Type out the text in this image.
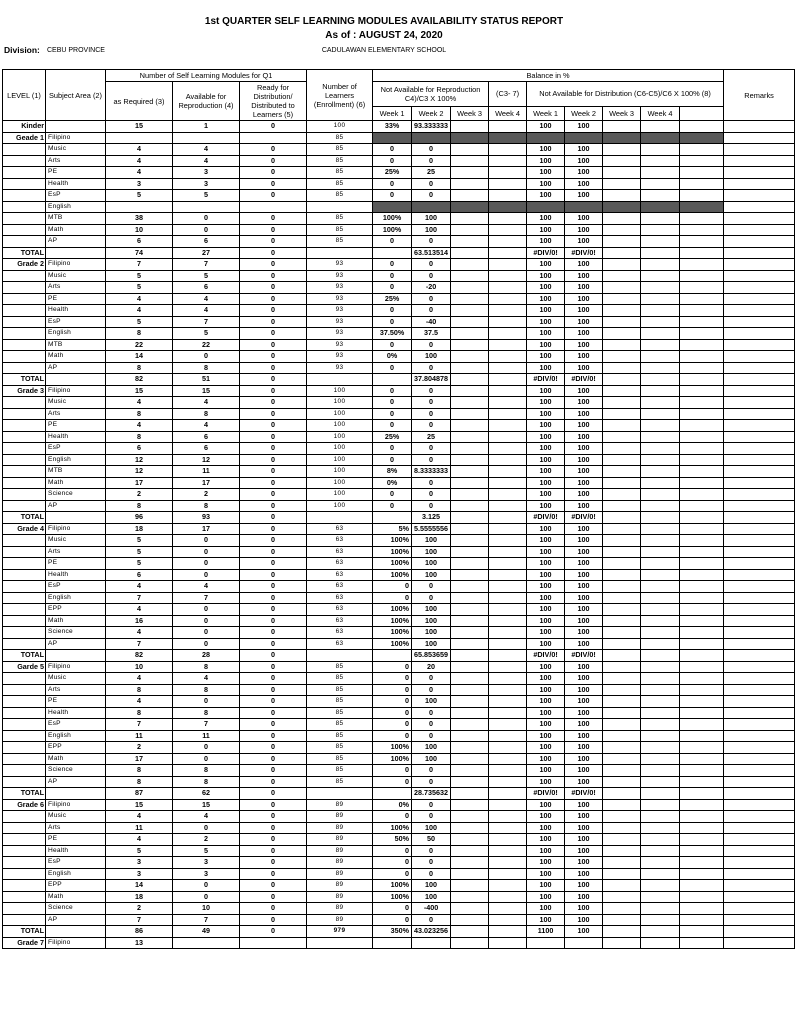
1st QUARTER SELF LEARNING MODULES AVAILABILITY STATUS REPORT
As of : AUGUST 24, 2020
Division: CEBU PROVINCE	CADULAWAN ELEMENTARY SCHOOL
LEVEL (1)	Subject Area (2)	Number of Self Learning Modules for Q1			Number of Learners (Enrollment) (6)	Balance in %									Remarks
		as Required (3)	Available for Reproduction (4)	Ready for Distribution/ Distributed to Learners (5)		Not Available for Reproduction C4)/C3 X 100%			(C3- 7)	Not Available for Distribution (C6-C5)/C6 X 100% (8)					
						Week 1	Week 2	Week 3	Week 4	Week 1	Week 2	Week 3	Week 4		
Kinder		15	1	0	100	33%	93.333333			100	100				
Geade 1	Filipino				85										
	Music	4	4	0	85	0	0			100	100				
	Arts	4	4	0	85	0	0			100	100				
	PE	4	3	0	85	25%	25			100	100				
	Health	3	3	0	85	0	0			100	100				
	EsP	5	5	0	85	0	0			100	100				
	English														
	MTB	38	0	0	85	100%	100			100	100				
	Math	10	0	0	85	100%	100			100	100				
	AP	6	6	0	85	0	0			100	100				
TOTAL		74	27	0			63.513514			#DIV/0!	#DIV/0!				
Grade 2	Filipino	7	7	0	93	0	0			100	100				
	Music	5	5	0	93	0	0			100	100				
	Arts	5	6	0	93	0	-20			100	100				
	PE	4	4	0	93	25%	0			100	100				
	Health	4	4	0	93	0	0			100	100				
	EsP	5	7	0	93	0	-40			100	100				
	English	8	5	0	93	37.50%	37.5			100	100				
	MTB	22	22	0	93	0	0			100	100				
	Math	14	0	0	93	0%	100			100	100				
	AP	8	8	0	93	0	0			100	100				
TOTAL		82	51	0			37.804878			#DIV/0!	#DIV/0!				
Grade 3	Filipino	15	15	0	100	0	0			100	100				
	Music	4	4	0	100	0	0			100	100				
	Arts	8	8	0	100	0	0			100	100				
	PE	4	4	0	100	0	0			100	100				
	Health	8	6	0	100	25%	25			100	100				
	EsP	6	6	0	100	0	0			100	100				
	English	12	12	0	100	0	0			100	100				
	MTB	12	11	0	100	8%	8.3333333			100	100				
	Math	17	17	0	100	0%	0			100	100				
	Science	2	2	0	100	0	0			100	100				
	AP	8	8	0	100	0	0			100	100				
TOTAL		96	93	0			3.125			#DIV/0!	#DIV/0!				
Grade 4	Filipino	18	17	0	63	5%	5.5555556			100	100				
	Music	5	0	0	63	100%	100			100	100				
	Arts	5	0	0	63	100%	100			100	100				
	PE	5	0	0	63	100%	100			100	100				
	Health	6	0	0	63	100%	100			100	100				
	EsP	4	4	0	63	0	0			100	100				
	English	7	7	0	63	0	0			100	100				
	EPP	4	0	0	63	100%	100			100	100				
	Math	16	0	0	63	100%	100			100	100				
	Science	4	0	0	63	100%	100			100	100				
	AP	7	0	0	63	100%	100			100	100				
TOTAL		82	28	0			65.853659			#DIV/0!	#DIV/0!				
Garde 5	Filipino	10	8	0	85	0	20			100	100				
	Music	4	4	0	85	0	0			100	100				
	Arts	8	8	0	85	0	0			100	100				
	PE	4	0	0	85	0	100			100	100				
	Health	8	8	0	85	0	0			100	100				
	EsP	7	7	0	85	0	0			100	100				
	English	11	11	0	85	0	0			100	100				
	EPP	2	0	0	85	100%	100			100	100				
	Math	17	0	0	85	100%	100			100	100				
	Science	8	8	0	85	0	0			100	100				
	AP	8	8	0	85	0	0			100	100				
TOTAL		87	62	0			28.735632			#DIV/0!	#DIV/0!				
Grade 6	Filipino	15	15	0	89	0%	0			100	100				
	Music	4	4	0	89	0	0			100	100				
	Arts	11	0	0	89	100%	100			100	100				
	PE	4	2	0	89	50%	50			100	100				
	Health	5	5	0	89	0	0			100	100				
	EsP	3	3	0	89	0	0			100	100				
	English	3	3	0	89	0	0			100	100				
	EPP	14	0	0	89	100%	100			100	100				
	Math	18	0	0	89	100%	100			100	100				
	Science	2	10	0	89	0	-400			100	100				
	AP	7	7	0	89	0	0			100	100				
TOTAL		86	49	0	979	350%	43.023256			1100	100				
Grade 7	Filipino	13													
